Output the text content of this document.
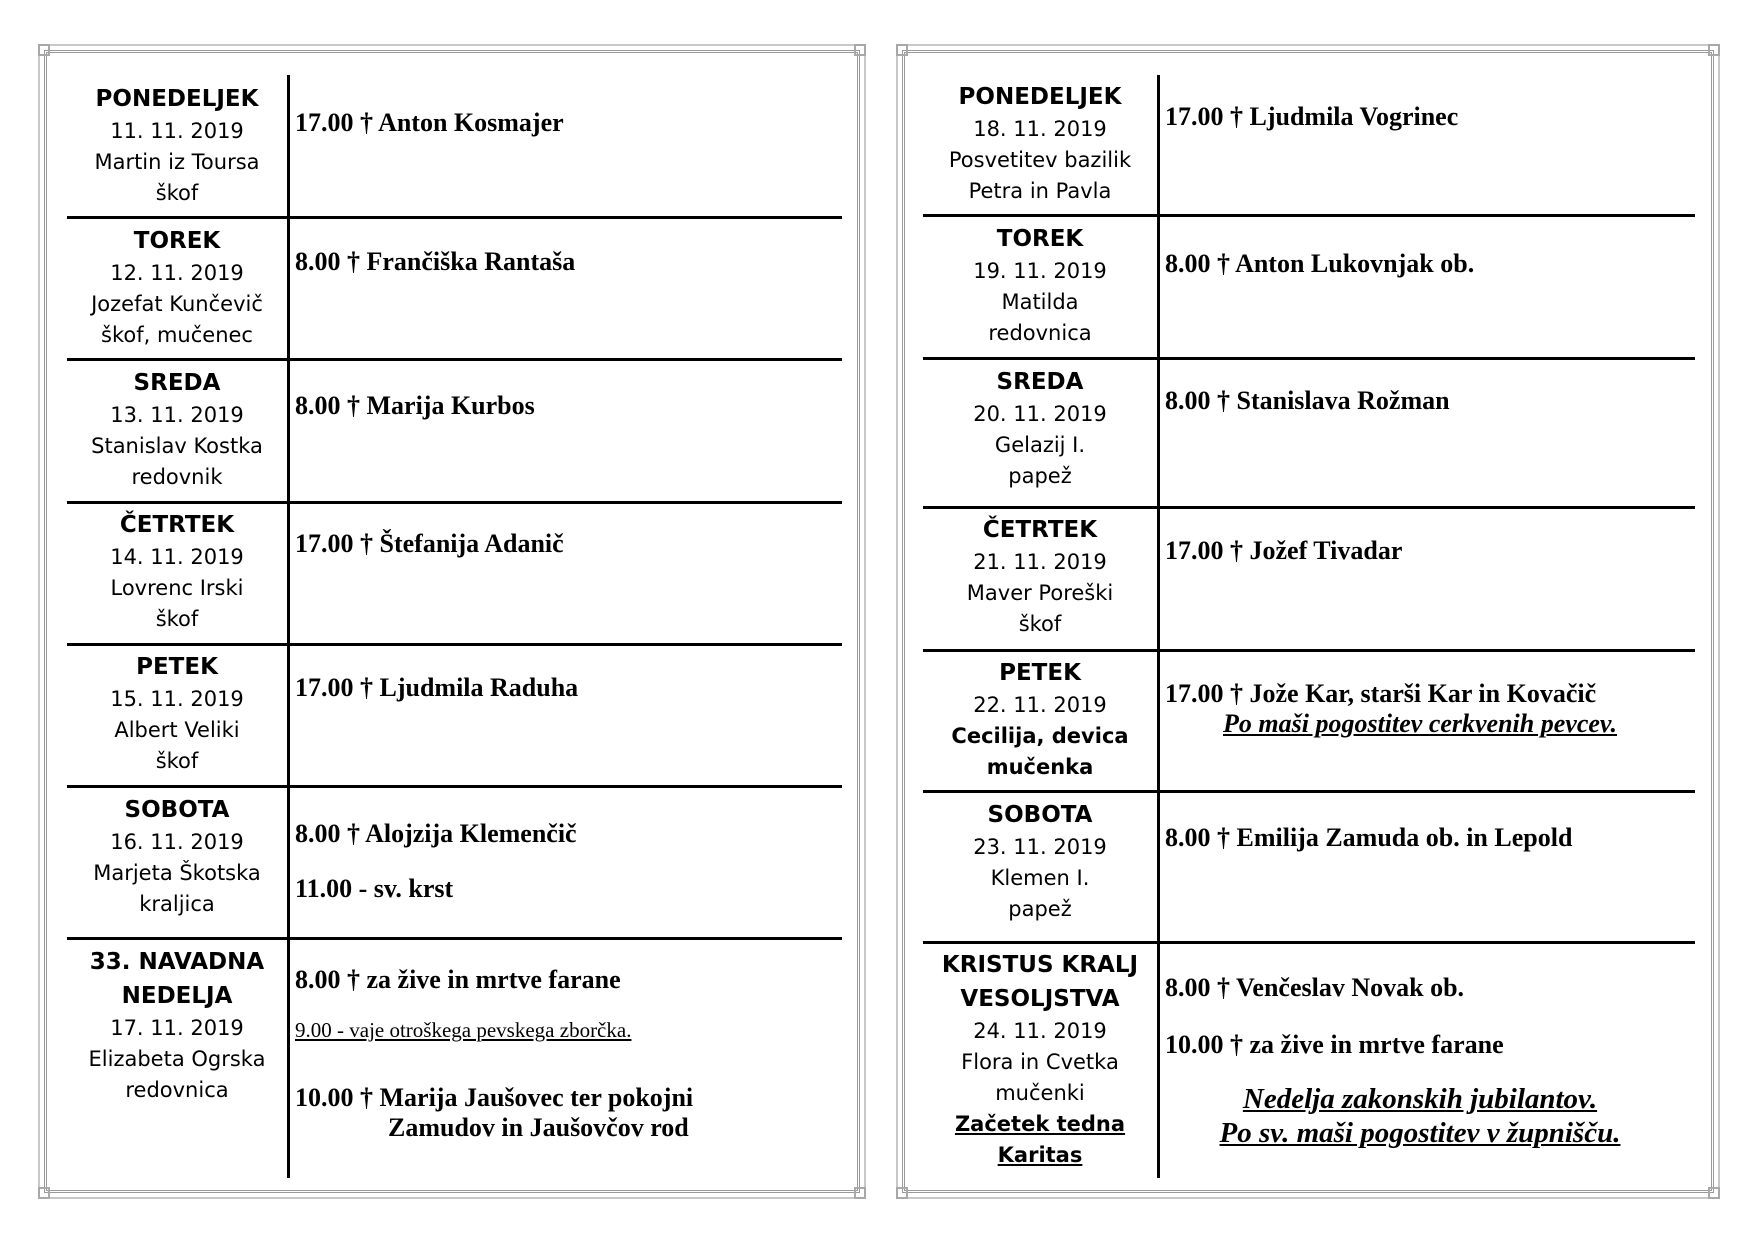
PONEDELJEK
11. 11. 2019
Martin iz Toursa
škof
17.00 † Anton Kosmajer
TOREK
12. 11. 2019
Jozefat Kunčevič
škof, mučenec
8.00 † Frančiška Rantaša
SREDA
13. 11. 2019
Stanislav Kostka
redovnik
8.00 † Marija Kurbos
ČETRTEK
14. 11. 2019
Lovrenc Irski
škof
17.00 † Štefanija Adanič
PETEK
15. 11. 2019
Albert Veliki
škof
17.00 † Ljudmila Raduha
SOBOTA
16. 11. 2019
Marjeta Škotska
kraljica
8.00 † Alojzija Klemenčič
11.00 - sv. krst
33. NAVADNA
NEDELJA
17. 11. 2019
Elizabeta Ogrska
redovnica
8.00 † za žive in mrtve farane
9.00 - vaje otroškega pevskega zborčka.
10.00 † Marija Jaušovec ter pokojni
Zamudov in Jaušovčov rod
PONEDELJEK
18. 11. 2019
Posvetitev bazilik
Petra in Pavla
17.00 † Ljudmila Vogrinec
TOREK
19. 11. 2019
Matilda
redovnica
8.00 † Anton Lukovnjak ob.
SREDA
20. 11. 2019
Gelazij I.
papež
8.00 † Stanislava Rožman
ČETRTEK
21. 11. 2019
Maver Poreški
škof
17.00 † Jožef Tivadar
PETEK
22. 11. 2019
Cecilija, devica
mučenka
17.00 † Jože Kar, starši Kar in Kovačič
Po maši pogostitev cerkvenih pevcev.
SOBOTA
23. 11. 2019
Klemen I.
papež
8.00 † Emilija Zamuda ob. in Lepold
KRISTUS KRALJ
VESOLJSTVA
24. 11. 2019
Flora in Cvetka
mučenki
Začetek tedna
Karitas
8.00 † Venčeslav Novak ob.
10.00 † za žive in mrtve farane
Nedelja zakonskih jubilantov.
Po sv. maši pogostitev v župnišču.
